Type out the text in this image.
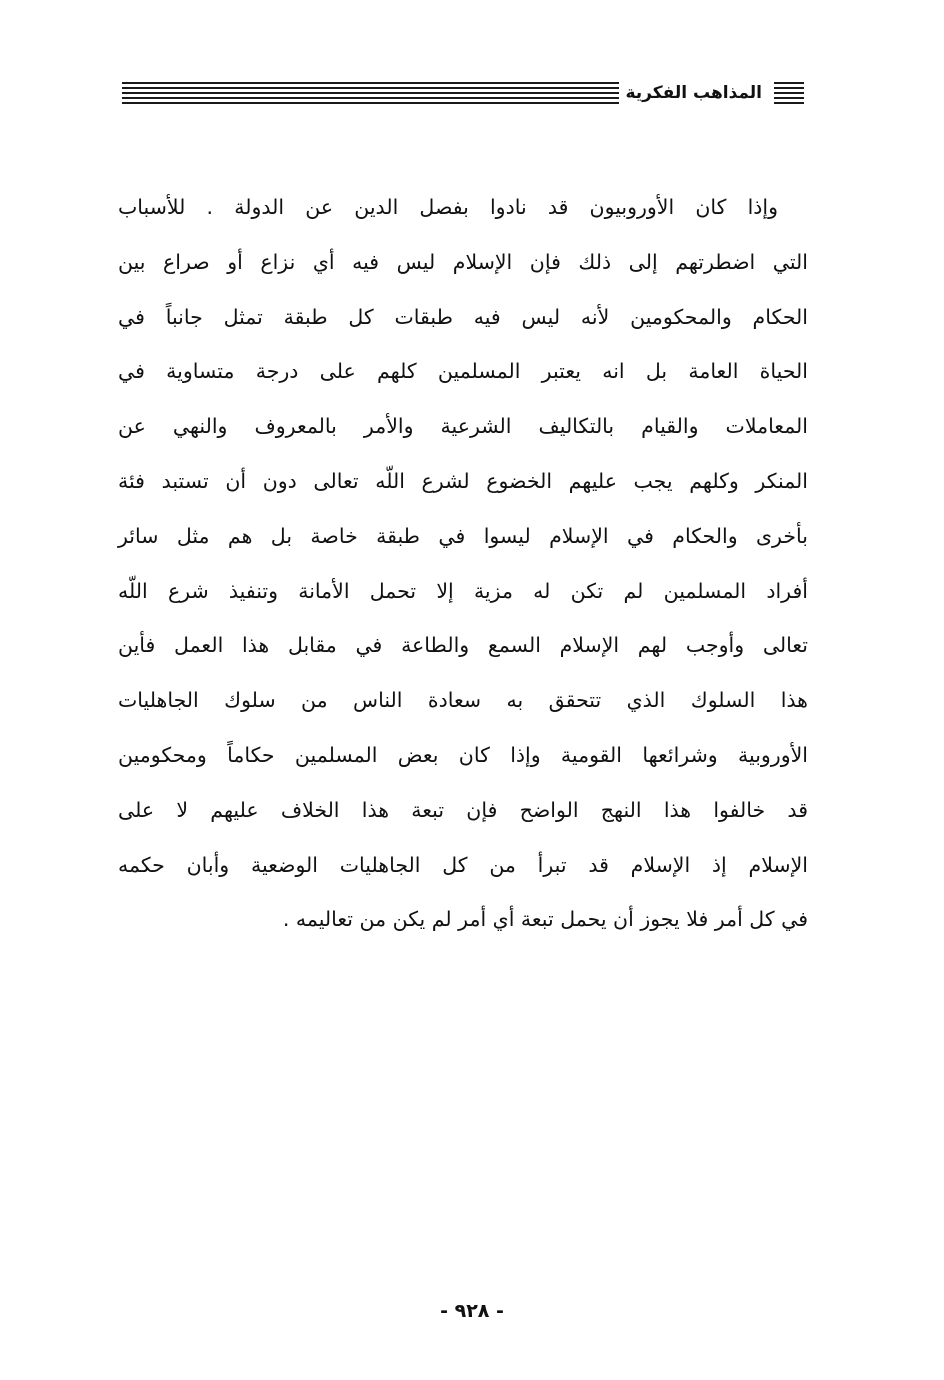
المذاهب الفكرية
وإذا كان الأوروبيون قد نادوا بفصل الدين عن الدولة . للأسباب
التي اضطرتهم إلى ذلك فإن الإسلام ليس فيه أي نزاع أو صراع بين
الحكام والمحكومين لأنه ليس فيه طبقات كل طبقة تمثل جانباً في
الحياة العامة بل انه يعتبر المسلمين كلهم على درجة متساوية في
المعاملات والقيام بالتكاليف الشرعية والأمر بالمعروف والنهي عن
المنكر وكلهم يجب عليهم الخضوع لشرع اللّه تعالى دون أن تستبد فئة
بأخرى والحكام في الإسلام ليسوا في طبقة خاصة بل هم مثل سائر
أفراد المسلمين لم تكن له مزية إلا تحمل الأمانة وتنفيذ شرع اللّه
تعالى وأوجب لهم الإسلام السمع والطاعة في مقابل هذا العمل فأين
هذا السلوك الذي تتحقق به سعادة الناس من سلوك الجاهليات
الأوروبية وشرائعها القومية وإذا كان بعض المسلمين حكاماً ومحكومين
قد خالفوا هذا النهج الواضح فإن تبعة هذا الخلاف عليهم لا على
الإسلام إذ الإسلام قد تبرأ من كل الجاهليات الوضعية وأبان حكمه
في كل أمر فلا يجوز أن يحمل تبعة أي أمر لم يكن من تعاليمه .
- ٩٢٨ -
